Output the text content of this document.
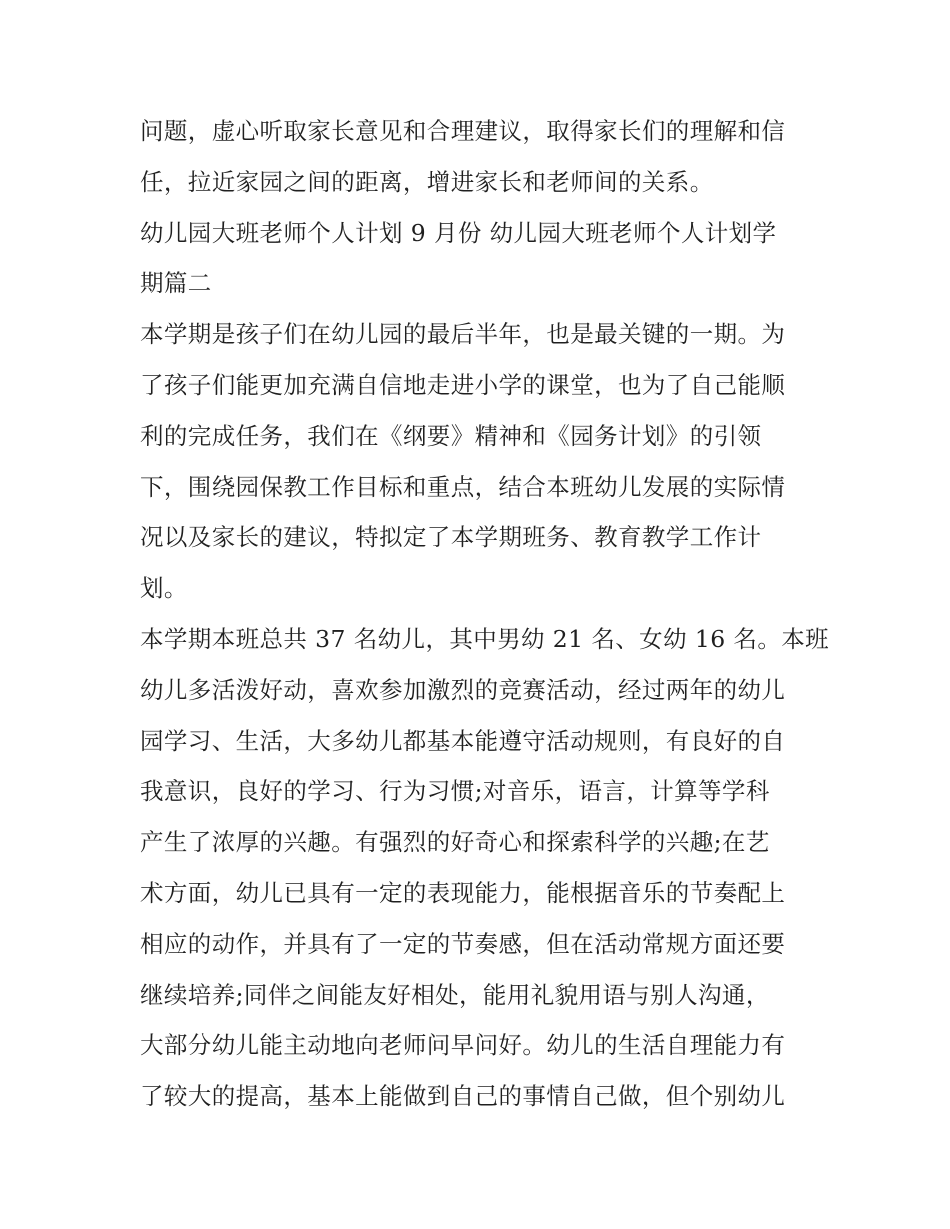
问题，虚心听取家长意见和合理建议，取得家长们的理解和信
任，拉近家园之间的距离，增进家长和老师间的关系。
幼儿园大班老师个人计划 9 月份 幼儿园大班老师个人计划学
期篇二
本学期是孩子们在幼儿园的最后半年，也是最关键的一期。为
了孩子们能更加充满自信地走进小学的课堂，也为了自己能顺
利的完成任务，我们在《纲要》精神和《园务计划》的引领
下，围绕园保教工作目标和重点，结合本班幼儿发展的实际情
况以及家长的建议，特拟定了本学期班务、教育教学工作计
划。
本学期本班总共 37 名幼儿，其中男幼 21 名、女幼 16 名。本班
幼儿多活泼好动，喜欢参加激烈的竞赛活动，经过两年的幼儿
园学习、生活，大多幼儿都基本能遵守活动规则，有良好的自
我意识，良好的学习、行为习惯;对音乐，语言，计算等学科
产生了浓厚的兴趣。有强烈的好奇心和探索科学的兴趣;在艺
术方面，幼儿已具有一定的表现能力，能根据音乐的节奏配上
相应的动作，并具有了一定的节奏感，但在活动常规方面还要
继续培养;同伴之间能友好相处，能用礼貌用语与别人沟通，
大部分幼儿能主动地向老师问早问好。幼儿的生活自理能力有
了较大的提高，基本上能做到自己的事情自己做，但个别幼儿
